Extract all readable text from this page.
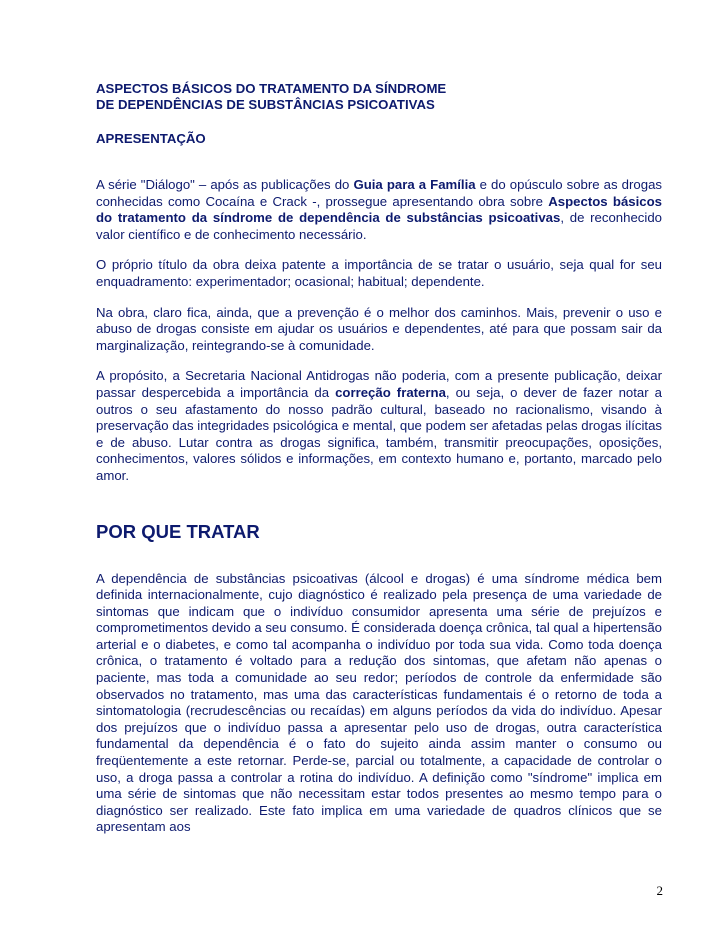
ASPECTOS BÁSICOS DO TRATAMENTO DA SÍNDROME
DE DEPENDÊNCIAS DE SUBSTÂNCIAS PSICOATIVAS
APRESENTAÇÃO

A série "Diálogo" – após as publicações do Guia para a Família e do opúsculo sobre as drogas conhecidas como Cocaína e Crack -, prossegue apresentando obra sobre Aspectos básicos do tratamento da síndrome de dependência de substâncias psicoativas, de reconhecido valor científico e de conhecimento necessário.

O próprio título da obra deixa patente a importância de se tratar o usuário, seja qual for seu enquadramento: experimentador; ocasional; habitual; dependente.

Na obra, claro fica, ainda, que a prevenção é o melhor dos caminhos. Mais, prevenir o uso e abuso de drogas consiste em ajudar os usuários e dependentes, até para que possam sair da marginalização, reintegrando-se à comunidade.

A propósito, a Secretaria Nacional Antidrogas não poderia, com a presente publicação, deixar passar despercebida a importância da correção fraterna, ou seja, o dever de fazer notar a outros o seu afastamento do nosso padrão cultural, baseado no racionalismo, visando à preservação das integridades psicológica e mental, que podem ser afetadas pelas drogas ilícitas e de abuso. Lutar contra as drogas significa, também, transmitir preocupações, oposições, conhecimentos, valores sólidos e informações, em contexto humano e, portanto, marcado pelo amor.

POR QUE TRATAR

A dependência de substâncias psicoativas (álcool e drogas) é uma síndrome médica bem definida internacionalmente, cujo diagnóstico é realizado pela presença de uma variedade de sintomas que indicam que o indivíduo consumidor apresenta uma série de prejuízos e comprometimentos devido a seu consumo. É considerada doença crônica, tal qual a hipertensão arterial e o diabetes, e como tal acompanha o indivíduo por toda sua vida. Como toda doença crônica, o tratamento é voltado para a redução dos sintomas, que afetam não apenas o paciente, mas toda a comunidade ao seu redor; períodos de controle da enfermidade são observados no tratamento, mas uma das características fundamentais é o retorno de toda a sintomatologia (recrudescências ou recaídas) em alguns períodos da vida do indivíduo. Apesar dos prejuízos que o indivíduo passa a apresentar pelo uso de drogas, outra característica fundamental da dependência é o fato do sujeito ainda assim manter o consumo ou freqüentemente a este retornar. Perde-se, parcial ou totalmente, a capacidade de controlar o uso, a droga passa a controlar a rotina do indivíduo. A definição como "síndrome" implica em uma série de sintomas que não necessitam estar todos presentes ao mesmo tempo para o diagnóstico ser realizado. Este fato implica em uma variedade de quadros clínicos que se apresentam aos

2
